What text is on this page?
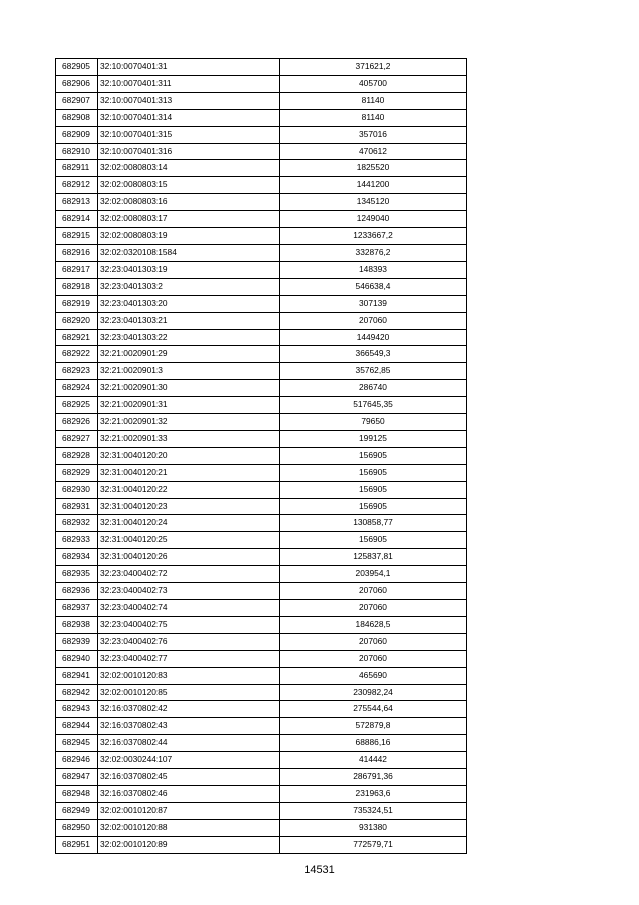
682905	32:10:0070401:31	371621,2
682906	32:10:0070401:311	405700
682907	32:10:0070401:313	81140
682908	32:10:0070401:314	81140
682909	32:10:0070401:315	357016
682910	32:10:0070401:316	470612
682911	32:02:0080803:14	1825520
682912	32:02:0080803:15	1441200
682913	32:02:0080803:16	1345120
682914	32:02:0080803:17	1249040
682915	32:02:0080803:19	1233667,2
682916	32:02:0320108:1584	332876,2
682917	32:23:0401303:19	148393
682918	32:23:0401303:2	546638,4
682919	32:23:0401303:20	307139
682920	32:23:0401303:21	207060
682921	32:23:0401303:22	1449420
682922	32:21:0020901:29	366549,3
682923	32:21:0020901:3	35762,85
682924	32:21:0020901:30	286740
682925	32:21:0020901:31	517645,35
682926	32:21:0020901:32	79650
682927	32:21:0020901:33	199125
682928	32:31:0040120:20	156905
682929	32:31:0040120:21	156905
682930	32:31:0040120:22	156905
682931	32:31:0040120:23	156905
682932	32:31:0040120:24	130858,77
682933	32:31:0040120:25	156905
682934	32:31:0040120:26	125837,81
682935	32:23:0400402:72	203954,1
682936	32:23:0400402:73	207060
682937	32:23:0400402:74	207060
682938	32:23:0400402:75	184628,5
682939	32:23:0400402:76	207060
682940	32:23:0400402:77	207060
682941	32:02:0010120:83	465690
682942	32:02:0010120:85	230982,24
682943	32:16:0370802:42	275544,64
682944	32:16:0370802:43	572879,8
682945	32:16:0370802:44	68886,16
682946	32:02:0030244:107	414442
682947	32:16:0370802:45	286791,36
682948	32:16:0370802:46	231963,6
682949	32:02:0010120:87	735324,51
682950	32:02:0010120:88	931380
682951	32:02:0010120:89	772579,71
14531
